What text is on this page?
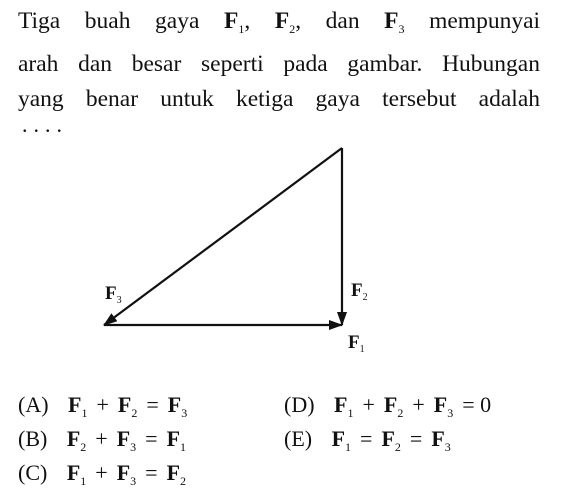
Tiga buah gaya $F_1$, $F_2$, dan $F_3$ mempunyai
arah dan besar seperti pada gambar. Hubungan
yang benar untuk ketiga gaya tersebut adalah
....
$F_3$	$F_2$
$F_1$
(A) $F_1 + F_2 = F_3$
(B) $F_2 + F_3 = F_1$
(C) $F_1 + F_3 = F_2$
(D) $F_1 + F_2 + F_3 = 0$
(E) $F_1 = F_2 = F_3$
